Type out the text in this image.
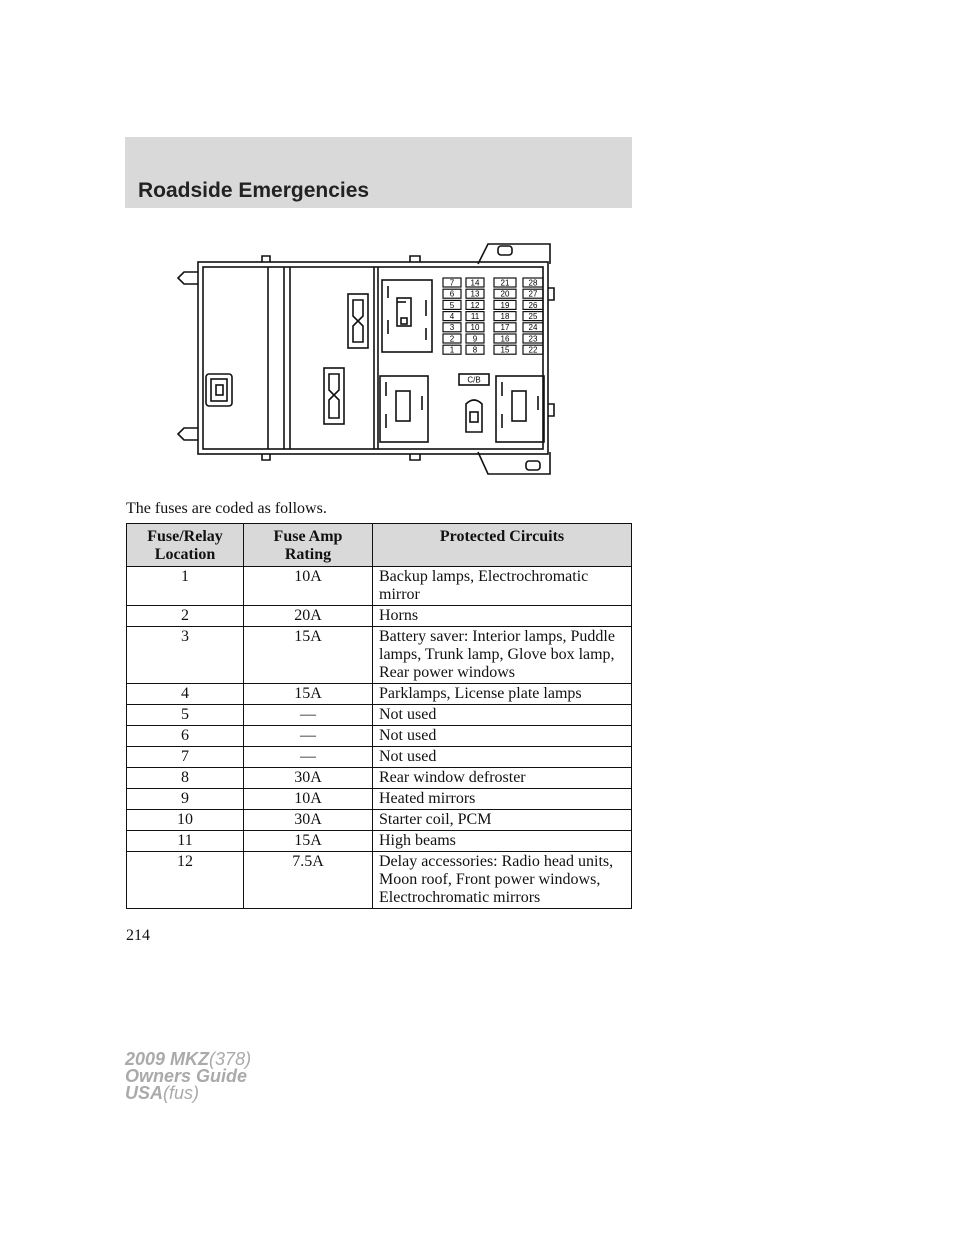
Roadside Emergencies
7
6
5
4
3
2
1
14
13
12
11
10
9
8
21
20
19
18
17
16
15
28
27
26
25
24
23
22
C/B
The fuses are coded as follows.
Fuse/Relay Location	Fuse Amp Rating	Protected Circuits
1	10A	Backup lamps, Electrochromatic mirror
2	20A	Horns
3	15A	Battery saver: Interior lamps, Puddle lamps, Trunk lamp, Glove box lamp, Rear power windows
4	15A	Parklamps, License plate lamps
5	—	Not used
6	—	Not used
7	—	Not used
8	30A	Rear window defroster
9	10A	Heated mirrors
10	30A	Starter coil, PCM
11	15A	High beams
12	7.5A	Delay accessories: Radio head units, Moon roof, Front power windows, Electrochromatic mirrors
214
2009 MKZ(378)
Owners Guide
USA(fus)
